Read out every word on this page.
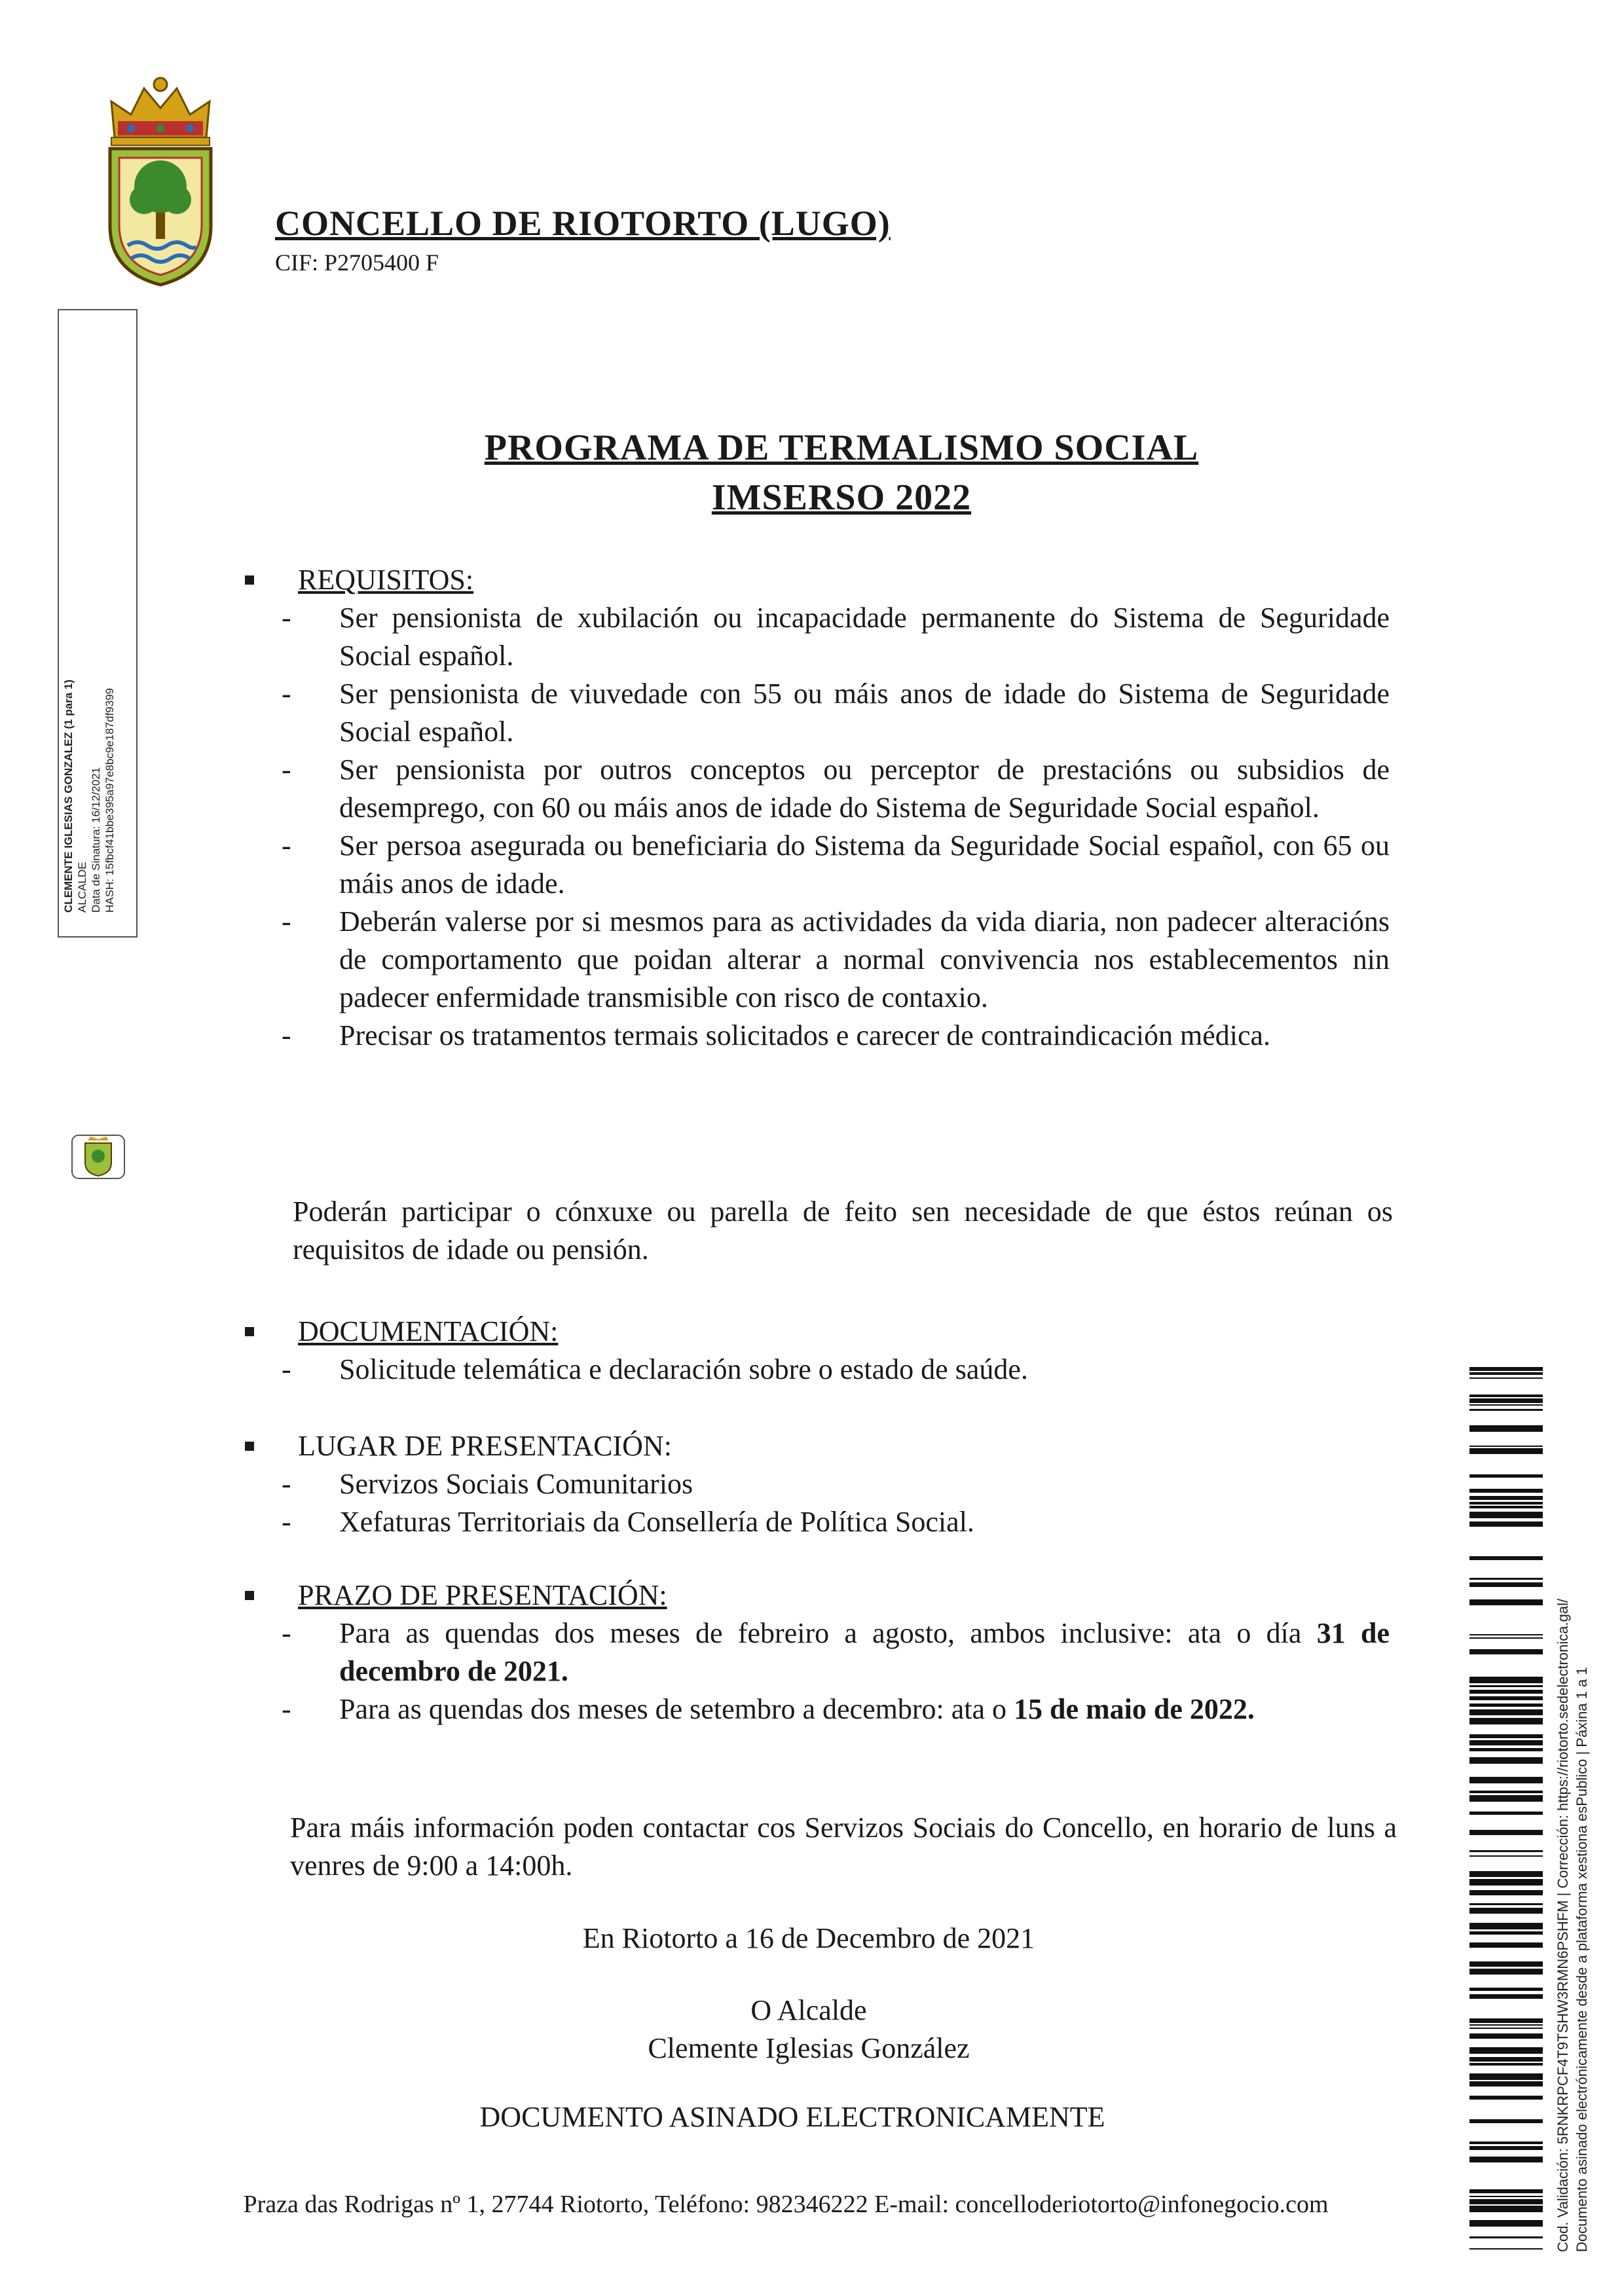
CONCELLO DE RIOTORTO (LUGO)
CIF: P2705400 F
CLEMENTE IGLESIAS GONZALEZ (1 para 1) ALCALDE Data de Sinatura: 16/12/2021 HASH: 15fbcf41bbe395a97e8bc9e187df9399
PROGRAMA DE TERMALISMO SOCIAL
IMSERSO 2022
REQUISITOS:
- Ser pensionista de xubilación ou incapacidade permanente do Sistema de Seguridade Social español.
- Ser pensionista de viuvedade con 55 ou máis anos de idade do Sistema de Seguridade Social español.
- Ser pensionista por outros conceptos ou perceptor de prestacións ou subsidios de desemprego, con 60 ou máis anos de idade do Sistema de Seguridade Social español.
- Ser persoa asegurada ou beneficiaria do Sistema da Seguridade Social español, con 65 ou máis anos de idade.
- Deberán valerse por si mesmos para as actividades da vida diaria, non padecer alteracións de comportamento que poidan alterar a normal convivencia nos establecementos nin padecer enfermidade transmisible con risco de contaxio.
- Precisar os tratamentos termais solicitados e carecer de contraindicación médica.
Poderán participar o cónxuxe ou parella de feito sen necesidade de que éstos reúnan os requisitos de idade ou pensión.
DOCUMENTACIÓN:
- Solicitude telemática e declaración sobre o estado de saúde.
LUGAR DE PRESENTACIÓN:
- Servizos Sociais Comunitarios
- Xefaturas Territoriais da Consellería de Política Social.
PRAZO DE PRESENTACIÓN:
- Para as quendas dos meses de febreiro a agosto, ambos inclusive: ata o día 31 de decembro de 2021.
- Para as quendas dos meses de setembro a decembro: ata o 15 de maio de 2022.
Para máis información poden contactar cos Servizos Sociais do Concello, en horario de luns a venres de 9:00 a 14:00h.
En Riotorto a 16 de Decembro de 2021
O Alcalde
Clemente Iglesias González
DOCUMENTO ASINADO ELECTRONICAMENTE
Praza das Rodrigas nº 1, 27744 Riotorto, Teléfono: 982346222 E-mail: concelloderiotorto@infonegocio.com	Cod. Validación: 5RNKRPCF4T9TSHW3RMN6PSHFM | Corrección: https://riotorto.sedelectronica.gal/ Documento asinado electrónicamente desde a plataforma xestiona esPublico | Páxina 1 a 1
